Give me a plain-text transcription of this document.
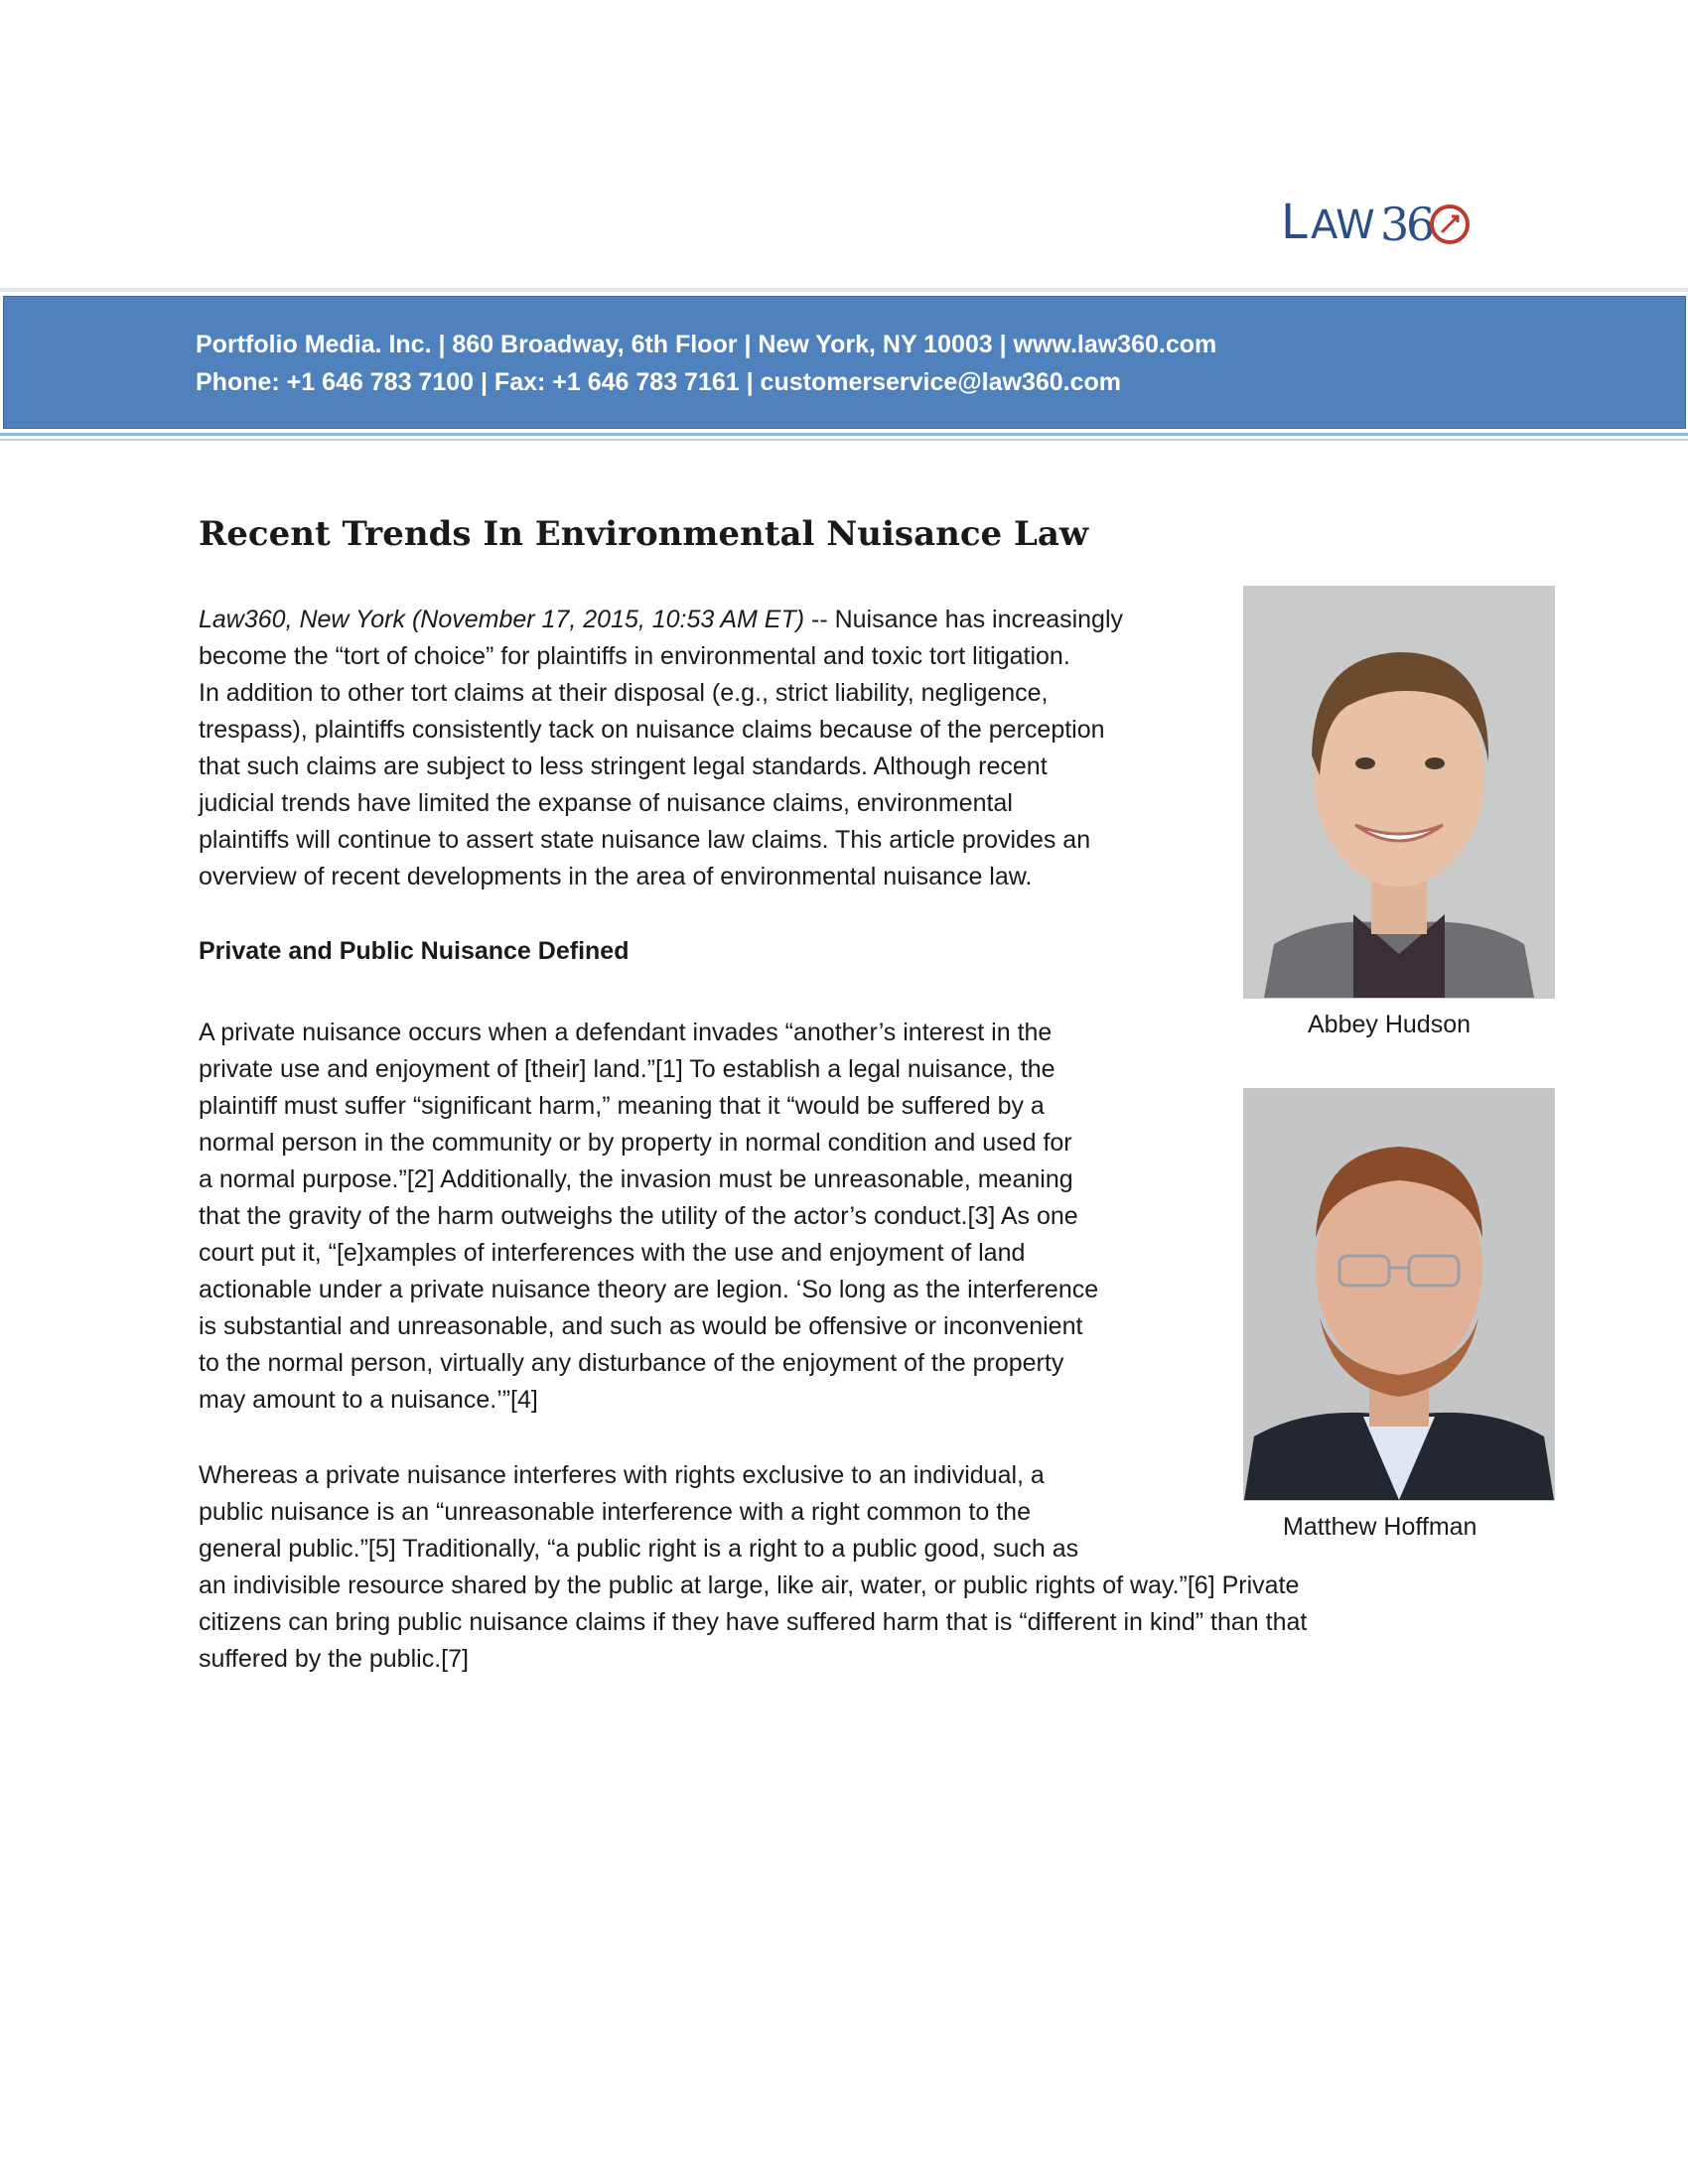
L AW 3
6
Portfolio Media. Inc. | 860 Broadway, 6th Floor | New York, NY 10003 | www.law360.com
Phone: +1 646 783 7100 | Fax: +1 646 783 7161 | customerservice@law360.com
Recent Trends In Environmental Nuisance Law
Law360, New York (November 17, 2015, 10:53 AM ET) -- Nuisance has increasingly
become the “tort of choice” for plaintiffs in environmental and toxic tort litigation.
In addition to other tort claims at their disposal (e.g., strict liability, negligence,
trespass), plaintiffs consistently tack on nuisance claims because of the perception
that such claims are subject to less stringent legal standards. Although recent
judicial trends have limited the expanse of nuisance claims, environmental
plaintiffs will continue to assert state nuisance law claims. This article provides an
overview of recent developments in the area of environmental nuisance law.
Private and Public Nuisance Defined
A private nuisance occurs when a defendant invades “another’s interest in the
private use and enjoyment of [their] land.”[1] To establish a legal nuisance, the
plaintiff must suffer “significant harm,” meaning that it “would be suffered by a
normal person in the community or by property in normal condition and used for
a normal purpose.”[2] Additionally, the invasion must be unreasonable, meaning
that the gravity of the harm outweighs the utility of the actor’s conduct.[3] As one
court put it, “[e]xamples of interferences with the use and enjoyment of land
actionable under a private nuisance theory are legion. ‘So long as the interference
is substantial and unreasonable, and such as would be offensive or inconvenient
to the normal person, virtually any disturbance of the enjoyment of the property
may amount to a nuisance.’”[4]
Whereas a private nuisance interferes with rights exclusive to an individual, a
public nuisance is an “unreasonable interference with a right common to the
general public.”[5] Traditionally, “a public right is a right to a public good, such as
an indivisible resource shared by the public at large, like air, water, or public rights of way.”[6] Private
citizens can bring public nuisance claims if they have suffered harm that is “different in kind” than that
suffered by the public.[7]
Abbey Hudson
Matthew Hoffman
